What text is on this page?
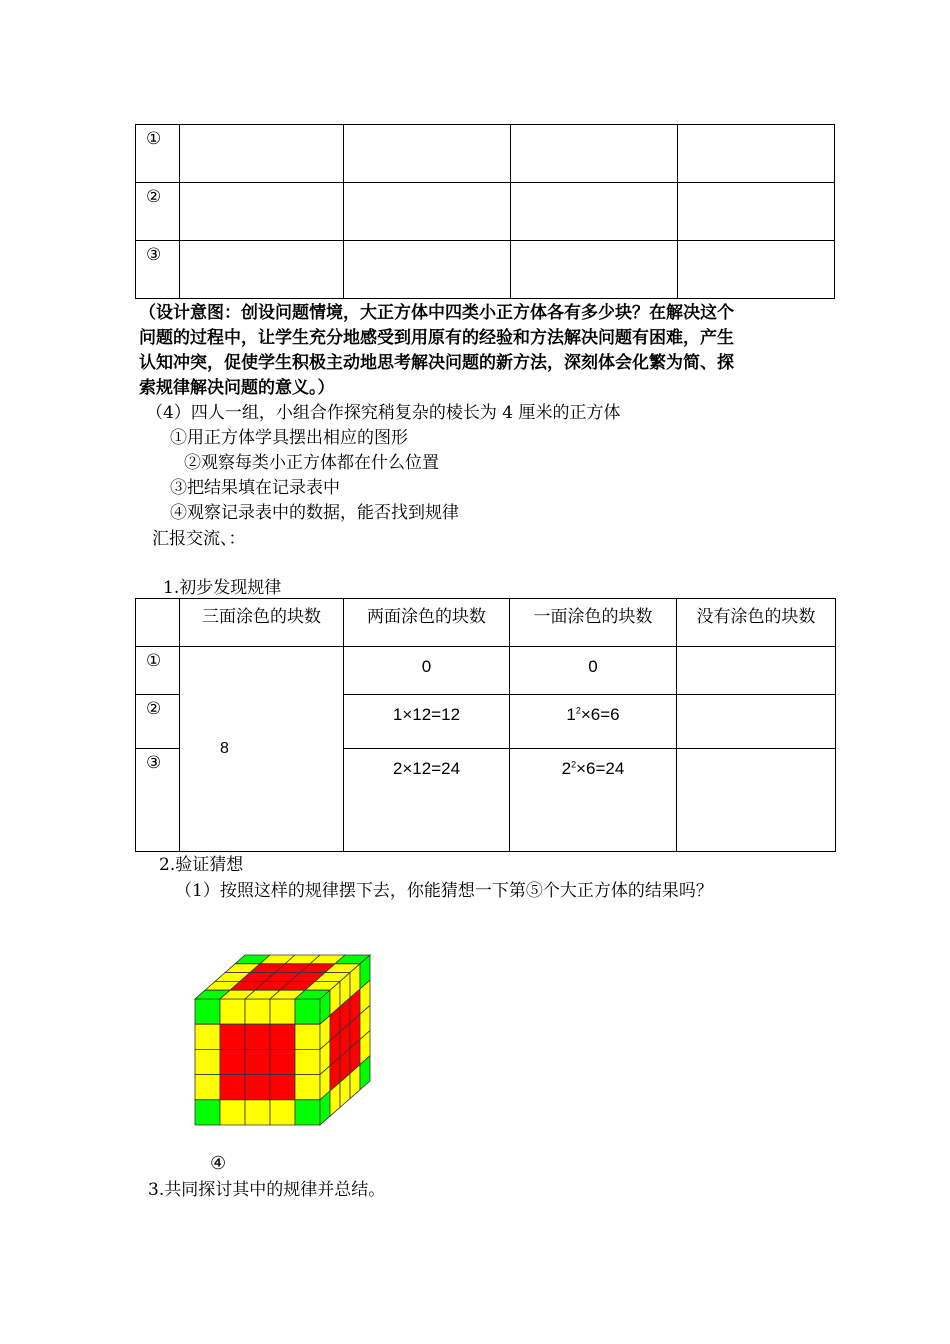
①				
②				
③				
（设计意图：创设问题情境，大正方体中四类小正方体各有多少块？在解决这个
问题的过程中，让学生充分地感受到用原有的经验和方法解决问题有困难，产生
认知冲突，促使学生积极主动地思考解决问题的新方法，深刻体会化繁为简、探
索规律解决问题的意义。）
（4）四人一组，小组合作探究稍复杂的棱长为 4 厘米的正方体
①用正方体学具摆出相应的图形
②观察每类小正方体都在什么位置
③把结果填在记录表中
④观察记录表中的数据，能否找到规律
汇报交流、：
1.初步发现规律
	三面涂色的块数	两面涂色的块数	一面涂色的块数	没有涂色的块数
①	8	0	0	
②		1×12=12	$1^2\times 6=6$	
③		2×12=24	$2^2\times 6=24$	
2.验证猜想
（1）按照这样的规律摆下去，你能猜想一下第⑤个大正方体的结果吗？
④
3.共同探讨其中的规律并总结。
